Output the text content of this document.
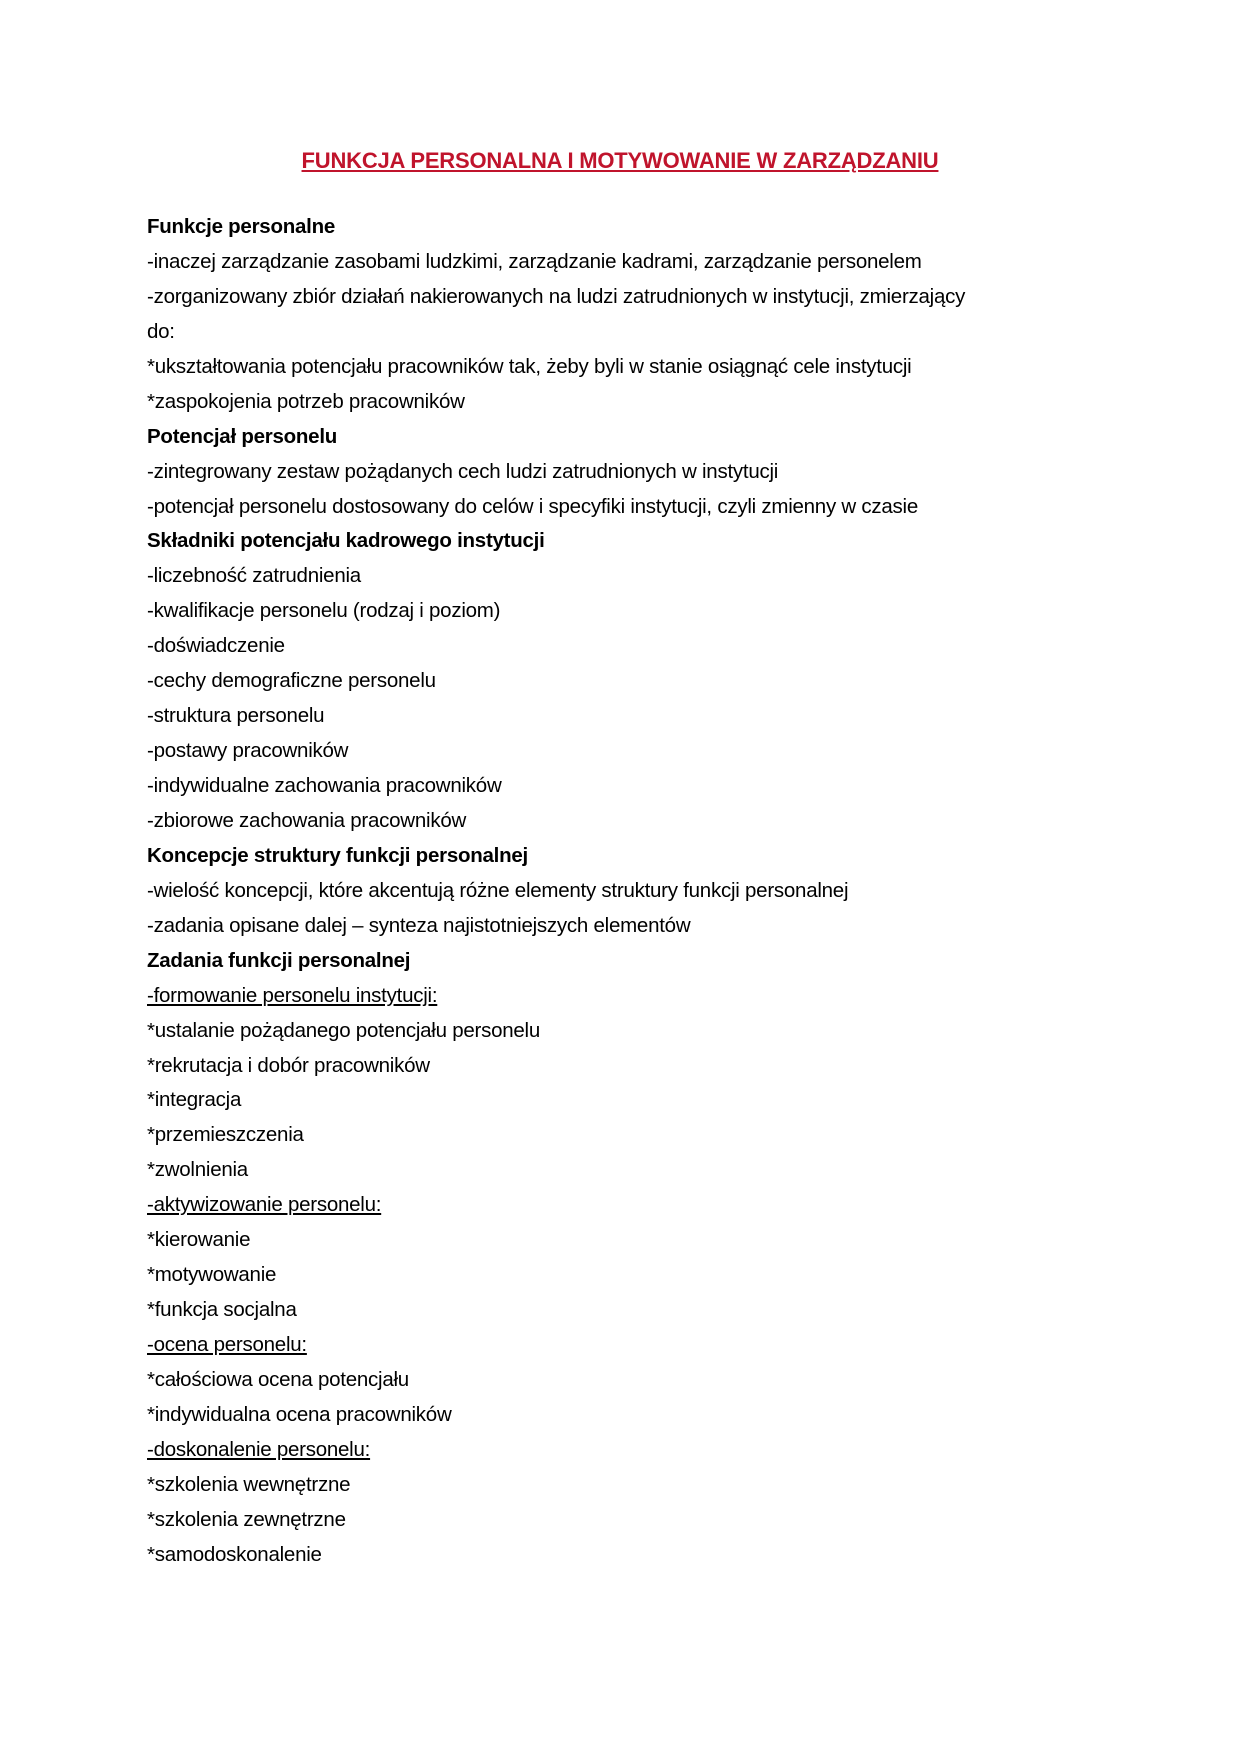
FUNKCJA PERSONALNA I MOTYWOWANIE W ZARZĄDZANIU
Funkcje personalne
-inaczej zarządzanie zasobami ludzkimi, zarządzanie kadrami, zarządzanie personelem
-zorganizowany zbiór działań nakierowanych na ludzi zatrudnionych w instytucji, zmierzający
do:
*ukształtowania potencjału pracowników tak, żeby byli w stanie osiągnąć cele instytucji
*zaspokojenia potrzeb pracowników
Potencjał personelu
-zintegrowany zestaw pożądanych cech ludzi zatrudnionych w instytucji
-potencjał personelu dostosowany do celów i specyfiki instytucji, czyli zmienny w czasie
Składniki potencjału kadrowego instytucji
-liczebność zatrudnienia
-kwalifikacje personelu (rodzaj i poziom)
-doświadczenie
-cechy demograficzne personelu
-struktura personelu
-postawy pracowników
-indywidualne zachowania pracowników
-zbiorowe zachowania pracowników
Koncepcje struktury funkcji personalnej
-wielość koncepcji, które akcentują różne elementy struktury funkcji personalnej
-zadania opisane dalej – synteza najistotniejszych elementów
Zadania funkcji personalnej
-formowanie personelu instytucji:
*ustalanie pożądanego potencjału personelu
*rekrutacja i dobór pracowników
*integracja
*przemieszczenia
*zwolnienia
-aktywizowanie personelu:
*kierowanie
*motywowanie
*funkcja socjalna
-ocena personelu:
*całościowa ocena potencjału
*indywidualna ocena pracowników
-doskonalenie personelu:
*szkolenia wewnętrzne
*szkolenia zewnętrzne
*samodoskonalenie
